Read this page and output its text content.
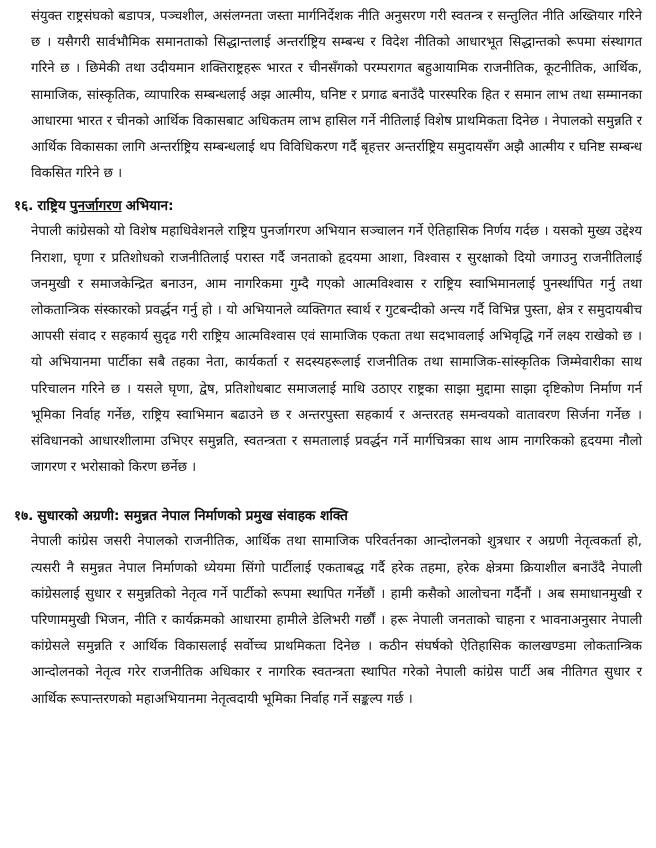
संयुक्त राष्ट्रसंघको बडापत्र, पञ्चशील, असंलग्नता जस्ता मार्गनिर्देशक नीति अनुसरण गरी स्वतन्त्र र सन्तुलित नीति अख्तियार गरिने छ । यसैगरी सार्वभौमिक समानताको सिद्धान्तलाई अन्तर्राष्ट्रिय सम्बन्ध र विदेश नीतिको आधारभूत सिद्धान्तको रूपमा संस्थागत गरिने छ । छिमेकी तथा उदीयमान शक्तिराष्ट्रहरू भारत र चीनसँगको परम्परागत बहुआयामिक राजनीतिक, कूटनीतिक, आर्थिक, सामाजिक, सांस्कृतिक, व्यापारिक सम्बन्धलाई अझ आत्मीय, घनिष्ट र प्रगाढ बनाउँदै पारस्परिक हित र समान लाभ तथा सम्मानका आधारमा भारत र चीनको आर्थिक विकासबाट अधिकतम लाभ हासिल गर्ने नीतिलाई विशेष प्राथमिकता दिनेछ । नेपालको समुन्नति र आर्थिक विकासका लागि अन्तर्राष्ट्रिय सम्बन्धलाई थप विविधिकरण गर्दै बृहत्तर अन्तर्राष्ट्रिय समुदायसँग अझै आत्मीय र घनिष्ट सम्बन्ध विकसित गरिने छ ।

१६. राष्ट्रिय पुनर्जागरण अभियान:

नेपाली कांग्रेसको यो विशेष महाधिवेशनले राष्ट्रिय पुनर्जागरण अभियान सञ्चालन गर्ने ऐतिहासिक निर्णय गर्दछ । यसको मुख्य उद्देश्य निराशा, घृणा र प्रतिशोधको राजनीतिलाई परास्त गर्दै जनताको हृदयमा आशा, विश्वास र सुरक्षाको दियो जगाउनु राजनीतिलाई जनमुखी र समाजकेन्द्रित बनाउन, आम नागरिकमा गुम्दै गएको आत्मविश्वास र राष्ट्रिय स्वाभिमानलाई पुनर्स्थापित गर्नु तथा लोकतान्त्रिक संस्कारको प्रवर्द्धन गर्नु हो । यो अभियानले व्यक्तिगत स्वार्थ र गुटबन्दीको अन्त्य गर्दै विभिन्न पुस्ता, क्षेत्र र समुदायबीच आपसी संवाद र सहकार्य सुदृढ गरी राष्ट्रिय आत्मविश्वास एवं सामाजिक एकता तथा सदभावलाई अभिवृद्धि गर्ने लक्ष्य राखेको छ । यो अभियानमा पार्टीका सबै तहका नेता, कार्यकर्ता र सदस्यहरूलाई राजनीतिक तथा सामाजिक-सांस्कृतिक जिम्मेवारीका साथ परिचालन गरिने छ । यसले घृणा, द्वेष, प्रतिशोधबाट समाजलाई माथि उठाएर राष्ट्रका साझा मुद्दामा साझा दृष्टिकोण निर्माण गर्न भूमिका निर्वाह गर्नेछ, राष्ट्रिय स्वाभिमान बढाउने छ र अन्तरपुस्ता सहकार्य र अन्तरतह समन्वयको वातावरण सिर्जना गर्नेछ । संविधानको आधारशीलामा उभिएर समुन्नति, स्वतन्त्रता र समतालाई प्रवर्द्धन गर्ने मार्गचित्रका साथ आम नागरिकको हृदयमा नौलो जागरण र भरोसाको किरण छर्नेछ ।

१७. सुधारको अग्रणी: समुन्नत नेपाल निर्माणको प्रमुख संवाहक शक्ति

नेपाली कांग्रेस जसरी नेपालको राजनीतिक, आर्थिक तथा सामाजिक परिवर्तनका आन्दोलनको शुत्रधार र अग्रणी नेतृत्वकर्ता हो, त्यसरी नै समुन्नत नेपाल निर्माणको ध्येयमा सिंगो पार्टीलाई एकताबद्ध गर्दै हरेक तहमा, हरेक क्षेत्रमा क्रियाशील बनाउँदै नेपाली कांग्रेसलाई सुधार र समुन्नतिको नेतृत्व गर्ने पार्टीको रूपमा स्थापित गर्नेछौं । हामी कसैको आलोचना गर्दैनौं । अब समाधानमुखी र परिणाममुखी भिजन, नीति र कार्यक्रमको आधारमा हामीले डेलिभरी गर्छौं । हरू नेपाली जनताको चाहना र भावनाअनुसार नेपाली कांग्रेसले समुन्नति र आर्थिक विकासलाई सर्वोच्च प्राथमिकता दिनेछ । कठीन संघर्षको ऐतिहासिक कालखण्डमा लोकतान्त्रिक आन्दोलनको नेतृत्व गरेर राजनीतिक अधिकार र नागरिक स्वतन्त्रता स्थापित गरेको नेपाली कांग्रेस पार्टी अब नीतिगत सुधार र आर्थिक रूपान्तरणको महाअभियानमा नेतृत्वदायी भूमिका निर्वाह गर्ने सङ्कल्प गर्छ ।
